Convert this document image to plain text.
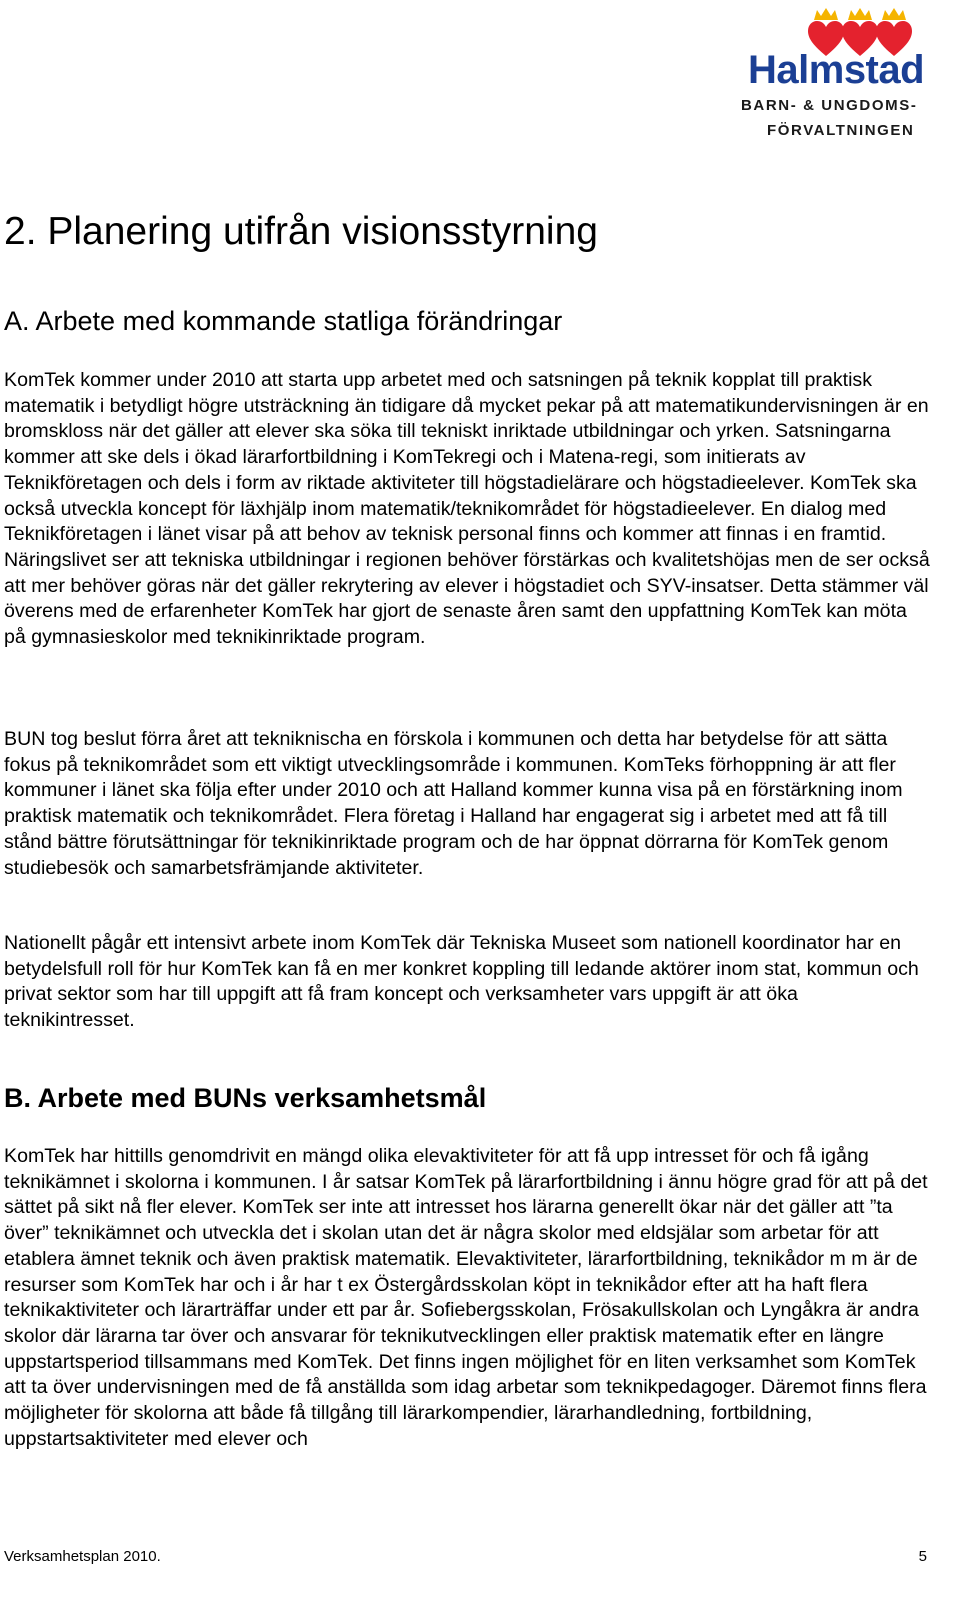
Halmstad
BARN- & UNGDOMS-
FÖRVALTNINGEN
2. Planering utifrån visionsstyrning
A. Arbete med kommande statliga förändringar

KomTek kommer under 2010 att starta upp arbetet med och satsningen på teknik kopplat till praktisk matematik i betydligt högre utsträckning än tidigare då mycket pekar på att matematikundervisningen är en bromskloss när det gäller att elever ska söka till tekniskt inriktade utbildningar och yrken. Satsningarna kommer att ske dels i ökad lärarfortbildning i KomTekregi och i Matena-regi, som initierats av Teknikföretagen och dels i form av riktade aktiviteter till högstadielärare och högstadieelever. KomTek ska också utveckla koncept för läxhjälp inom matematik/teknikområdet för högstadieelever. En dialog med Teknikföretagen i länet visar på att behov av teknisk personal finns och kommer att finnas i en framtid. Näringslivet ser att tekniska utbildningar i regionen behöver förstärkas och kvalitetshöjas men de ser också att mer behöver göras när det gäller rekrytering av elever i högstadiet och SYV-insatser. Detta stämmer väl överens med de erfarenheter KomTek har gjort de senaste åren samt den uppfattning KomTek kan möta på gymnasieskolor med teknikinriktade program.

BUN tog beslut förra året att tekniknischa en förskola i kommunen och detta har betydelse för att sätta fokus på teknikområdet som ett viktigt utvecklingsområde i kommunen. KomTeks förhoppning är att fler kommuner i länet ska följa efter under 2010 och att Halland kommer kunna visa på en förstärkning inom praktisk matematik och teknikområdet. Flera företag i Halland har engagerat sig i arbetet med att få till stånd bättre förutsättningar för teknikinriktade program och de har öppnat dörrarna för KomTek genom studiebesök och samarbetsfrämjande aktiviteter.

Nationellt pågår ett intensivt arbete inom KomTek där Tekniska Museet som nationell koordinator har en betydelsfull roll för hur KomTek kan få en mer konkret koppling till ledande aktörer inom stat, kommun och privat sektor som har till uppgift att få fram koncept och verksamheter vars uppgift är att öka teknikintresset.

B. Arbete med BUNs verksamhetsmål

KomTek har hittills genomdrivit en mängd olika elevaktiviteter för att få upp intresset för och få igång teknikämnet i skolorna i kommunen. I år satsar KomTek på lärarfortbildning i ännu högre grad för att på det sättet på sikt nå fler elever. KomTek ser inte att intresset hos lärarna generellt ökar när det gäller att ”ta över” teknikämnet och utveckla det i skolan utan det är några skolor med eldsjälar som arbetar för att etablera ämnet teknik och även praktisk matematik. Elevaktiviteter, lärarfortbildning, teknikådor m m är de resurser som KomTek har och i år har t ex Östergårdsskolan köpt in teknikådor efter att ha haft flera teknikaktiviteter och lärarträffar under ett par år. Sofiebergsskolan, Frösakullskolan och Lyngåkra är andra skolor där lärarna tar över och ansvarar för teknikutvecklingen eller praktisk matematik efter en längre uppstartsperiod tillsammans med KomTek. Det finns ingen möjlighet för en liten verksamhet som KomTek att ta över undervisningen med de få anställda som idag arbetar som teknikpedagoger. Däremot finns flera möjligheter för skolorna att både få tillgång till lärarkompendier, lärarhandledning, fortbildning, uppstartsaktiviteter med elever och

Verksamhetsplan 2010.	5
